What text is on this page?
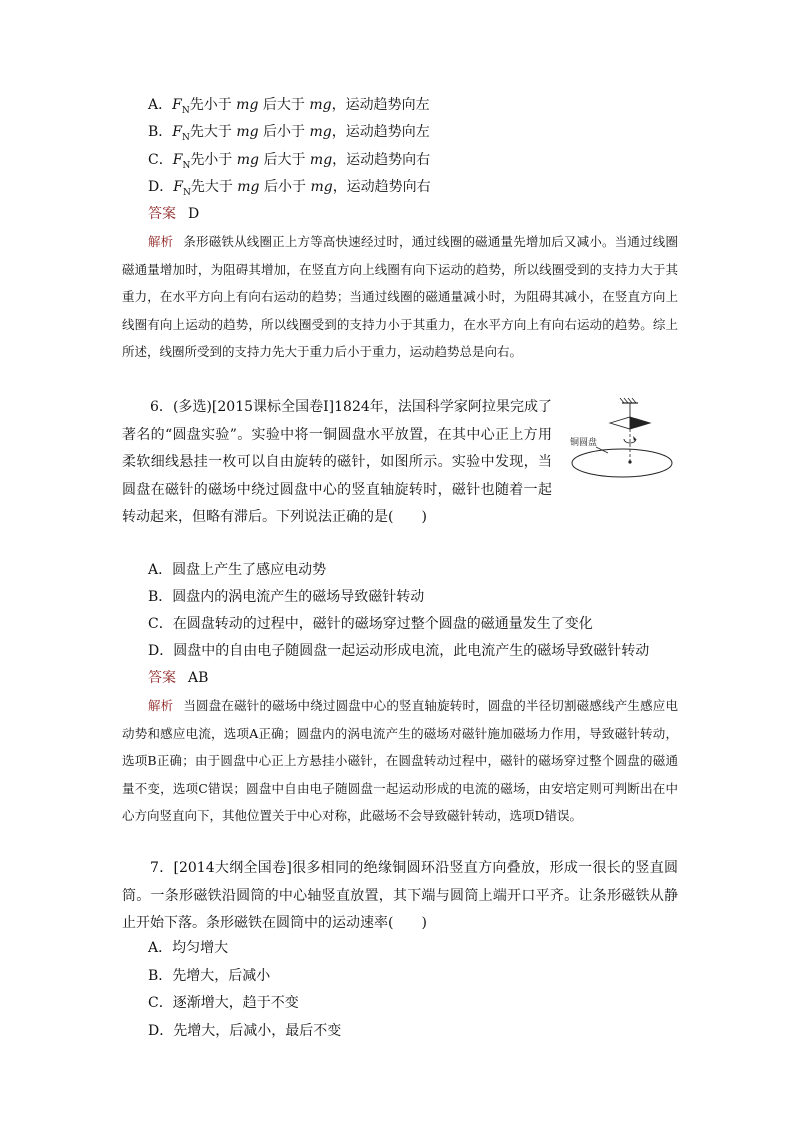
A．$F_N$先小于 mg 后大于 mg，运动趋势向左
B．$F_N$先大于 mg 后小于 mg，运动趋势向左
C．$F_N$先小于 mg 后大于 mg，运动趋势向右
D．$F_N$先大于 mg 后小于 mg，运动趋势向右
答案 D
解析 条形磁铁从线圈正上方等高快速经过时，通过线圈的磁通量先增加后又减小。当通过线圈磁通量增加时，为阻碍其增加，在竖直方向上线圈有向下运动的趋势，所以线圈受到的支持力大于其重力，在水平方向上有向右运动的趋势；当通过线圈的磁通量减小时，为阻碍其减小，在竖直方向上线圈有向上运动的趋势，所以线圈受到的支持力小于其重力，在水平方向上有向右运动的趋势。综上所述，线圈所受到的支持力先大于重力后小于重力，运动趋势总是向右。
6．(多选)[2015课标全国卷Ⅰ]1824年，法国科学家阿拉果完成了著名的“圆盘实验”。实验中将一铜圆盘水平放置，在其中心正上方用柔软细线悬挂一枚可以自由旋转的磁针，如图所示。实验中发现，当圆盘在磁针的磁场中绕过圆盘中心的竖直轴旋转时，磁针也随着一起转动起来，但略有滞后。下列说法正确的是(　　)
铜圆盘
A．圆盘上产生了感应电动势
B．圆盘内的涡电流产生的磁场导致磁针转动
C．在圆盘转动的过程中，磁针的磁场穿过整个圆盘的磁通量发生了变化
D．圆盘中的自由电子随圆盘一起运动形成电流，此电流产生的磁场导致磁针转动
答案 AB
解析 当圆盘在磁针的磁场中绕过圆盘中心的竖直轴旋转时，圆盘的半径切割磁感线产生感应电动势和感应电流，选项A正确；圆盘内的涡电流产生的磁场对磁针施加磁场力作用，导致磁针转动，选项B正确；由于圆盘中心正上方悬挂小磁针，在圆盘转动过程中，磁针的磁场穿过整个圆盘的磁通量不变，选项C错误；圆盘中自由电子随圆盘一起运动形成的电流的磁场，由安培定则可判断出在中心方向竖直向下，其他位置关于中心对称，此磁场不会导致磁针转动，选项D错误。
7．[2014大纲全国卷]很多相同的绝缘铜圆环沿竖直方向叠放，形成一很长的竖直圆筒。一条形磁铁沿圆筒的中心轴竖直放置，其下端与圆筒上端开口平齐。让条形磁铁从静止开始下落。条形磁铁在圆筒中的运动速率(　　)
A．均匀增大
B．先增大，后减小
C．逐渐增大，趋于不变
D．先增大，后减小，最后不变
